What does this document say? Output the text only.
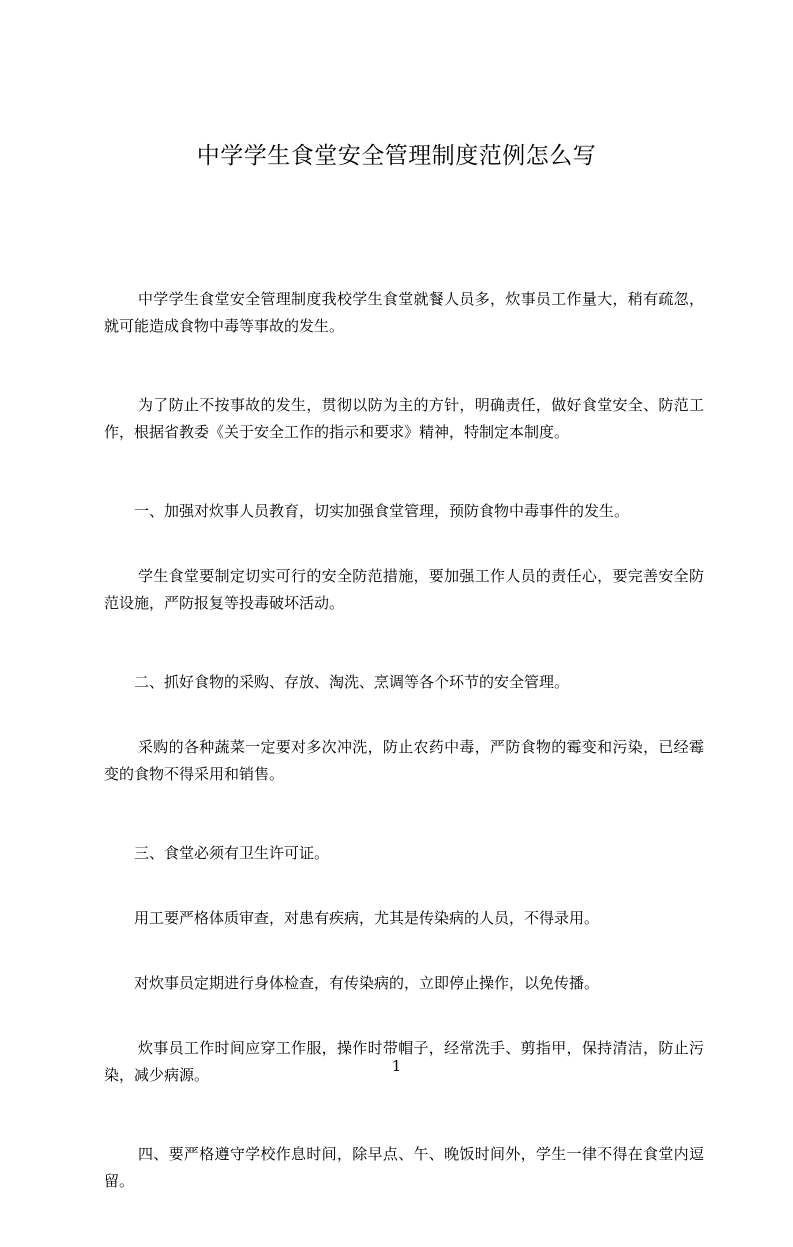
中学学生食堂安全管理制度范例怎么写

中学学生食堂安全管理制度我校学生食堂就餐人员多，炊事员工作量大，稍有疏忽，就可能造成食物中毒等事故的发生。

为了防止不按事故的发生，贯彻以防为主的方针，明确责任，做好食堂安全、防范工作，根据省教委《关于安全工作的指示和要求》精神，特制定本制度。

一、加强对炊事人员教育，切实加强食堂管理，预防食物中毒事件的发生。

学生食堂要制定切实可行的安全防范措施，要加强工作人员的责任心，要完善安全防范设施，严防报复等投毒破坏活动。

二、抓好食物的采购、存放、淘洗、烹调等各个环节的安全管理。

采购的各种蔬菜一定要对多次冲洗，防止农药中毒，严防食物的霉变和污染，已经霉变的食物不得采用和销售。

三、食堂必须有卫生许可证。

用工要严格体质审查，对患有疾病，尤其是传染病的人员，不得录用。

对炊事员定期进行身体检查，有传染病的，立即停止操作，以免传播。

炊事员工作时间应穿工作服，操作时带帽子，经常洗手、剪指甲，保持清洁，防止污染，减少病源。

四、要严格遵守学校作息时间，除早点、午、晚饭时间外，学生一律不得在食堂内逗留。

1
